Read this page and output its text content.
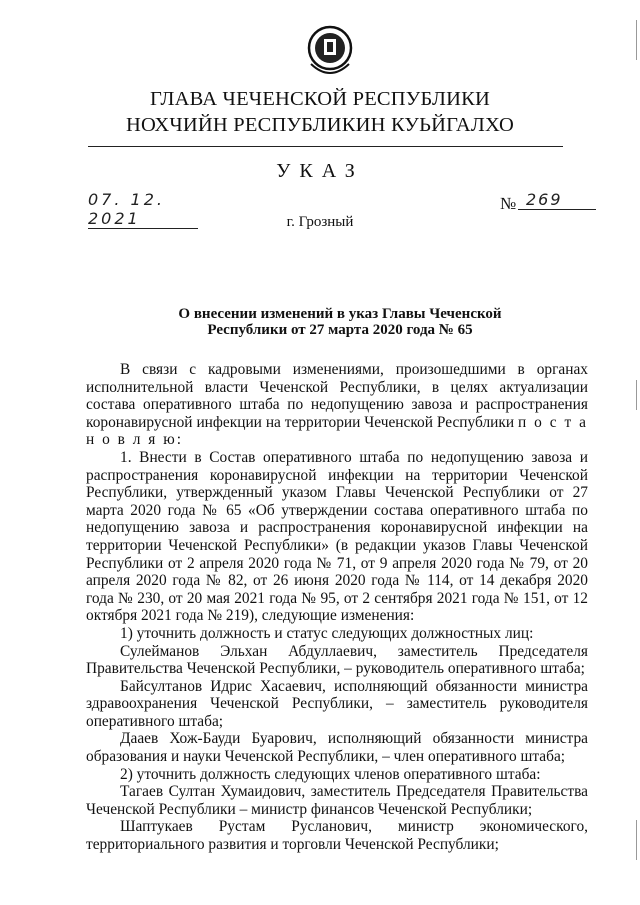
ГЛАВА ЧЕЧЕНСКОЙ РЕСПУБЛИКИ
НОХЧИЙН РЕСПУБЛИКИН КУЬЙГАЛХО
УКАЗ
07. 12. 2021
№ 269
г. Грозный
О внесении изменений в указ Главы Чеченской Республики от 27 марта 2020 года № 65

В связи с кадровыми изменениями, произошедшими в органах исполнительной власти Чеченской Республики, в целях актуализации состава оперативного штаба по недопущению завоза и распространения коронавирусной инфекции на территории Чеченской Республики п о с т а н о в л я ю:

1. Внести в Состав оперативного штаба по недопущению завоза и распространения коронавирусной инфекции на территории Чеченской Республики, утвержденный указом Главы Чеченской Республики от 27 марта 2020 года № 65 «Об утверждении состава оперативного штаба по недопущению завоза и распространения коронавирусной инфекции на территории Чеченской Республики» (в редакции указов Главы Чеченской Республики от 2 апреля 2020 года № 71, от 9 апреля 2020 года № 79, от 20 апреля 2020 года № 82, от 26 июня 2020 года № 114, от 14 декабря 2020 года № 230, от 20 мая 2021 года № 95, от 2 сентября 2021 года № 151, от 12 октября 2021 года № 219), следующие изменения:

1) уточнить должность и статус следующих должностных лиц:

Сулейманов Эльхан Абдуллаевич, заместитель Председателя Правительства Чеченской Республики, – руководитель оперативного штаба;

Байсултанов Идрис Хасаевич, исполняющий обязанности министра здравоохранения Чеченской Республики, – заместитель руководителя оперативного штаба;

Дааев Хож-Бауди Буарович, исполняющий обязанности министра образования и науки Чеченской Республики, – член оперативного штаба;

2) уточнить должность следующих членов оперативного штаба:

Тагаев Султан Хумаидович, заместитель Председателя Правительства Чеченской Республики – министр финансов Чеченской Республики;

Шаптукаев Рустам Русланович, министр экономического, территориального развития и торговли Чеченской Республики;
